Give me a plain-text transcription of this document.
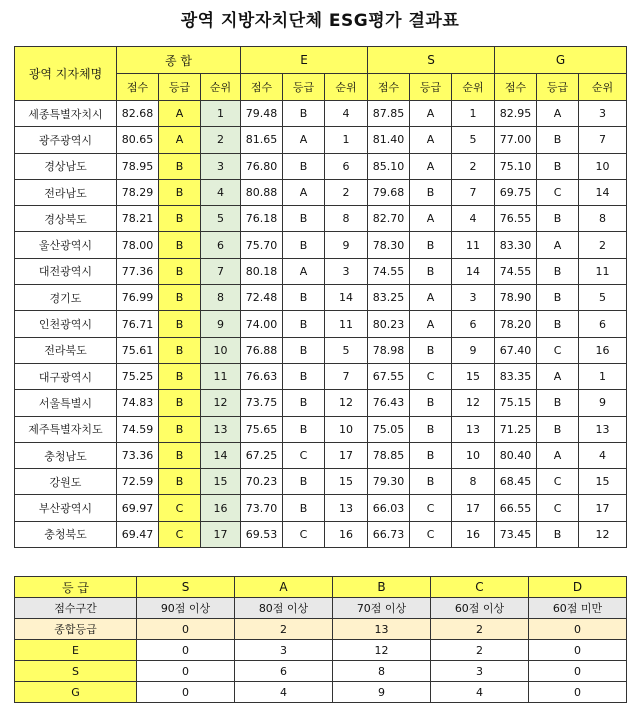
광역 지방자치단체 ESG평가 결과표
광역 지자체명	종 합			E			S			G		
	점수	등급	순위	점수	등급	순위	점수	등급	순위	점수	등급	순위
세종특별자치시	82.68	A	1	79.48	B	4	87.85	A	1	82.95	A	3
광주광역시	80.65	A	2	81.65	A	1	81.40	A	5	77.00	B	7
경상남도	78.95	B	3	76.80	B	6	85.10	A	2	75.10	B	10
전라남도	78.29	B	4	80.88	A	2	79.68	B	7	69.75	C	14
경상북도	78.21	B	5	76.18	B	8	82.70	A	4	76.55	B	8
울산광역시	78.00	B	6	75.70	B	9	78.30	B	11	83.30	A	2
대전광역시	77.36	B	7	80.18	A	3	74.55	B	14	74.55	B	11
경기도	76.99	B	8	72.48	B	14	83.25	A	3	78.90	B	5
인천광역시	76.71	B	9	74.00	B	11	80.23	A	6	78.20	B	6
전라북도	75.61	B	10	76.88	B	5	78.98	B	9	67.40	C	16
대구광역시	75.25	B	11	76.63	B	7	67.55	C	15	83.35	A	1
서울특별시	74.83	B	12	73.75	B	12	76.43	B	12	75.15	B	9
제주특별자치도	74.59	B	13	75.65	B	10	75.05	B	13	71.25	B	13
충청남도	73.36	B	14	67.25	C	17	78.85	B	10	80.40	A	4
강원도	72.59	B	15	70.23	B	15	79.30	B	8	68.45	C	15
부산광역시	69.97	C	16	73.70	B	13	66.03	C	17	66.55	C	17
충청북도	69.47	C	17	69.53	C	16	66.73	C	16	73.45	B	12
등 급	S	A	B	C	D
점수구간	90점 이상	80점 이상	70점 이상	60점 이상	60점 미만
종합등급	0	2	13	2	0
E	0	3	12	2	0
S	0	6	8	3	0
G	0	4	9	4	0
